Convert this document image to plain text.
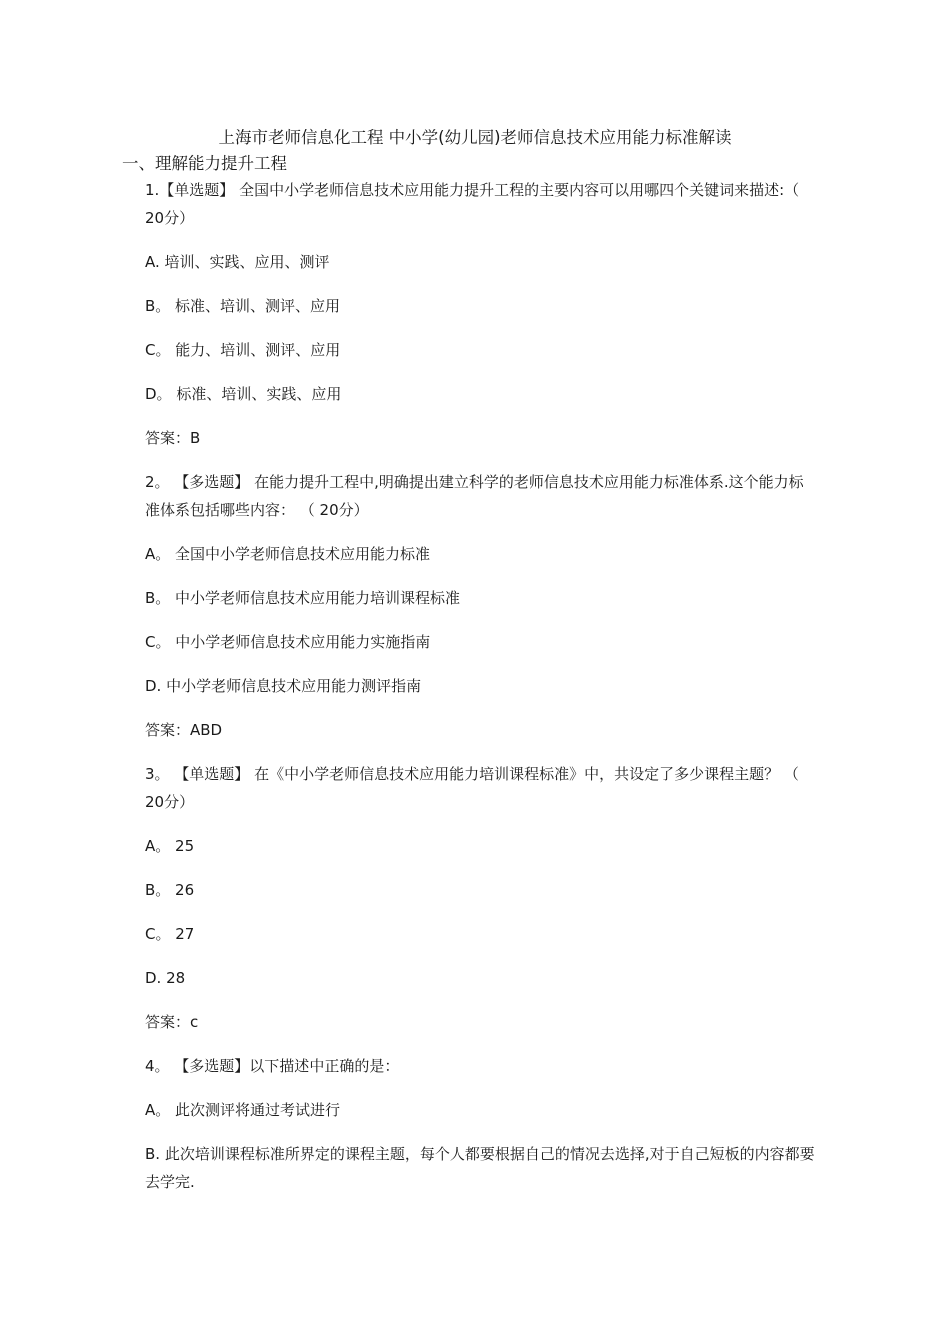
上海市老师信息化工程 中小学(幼儿园)老师信息技术应用能力标准解读
一、理解能力提升工程

1.【单选题】 全国中小学老师信息技术应用能力提升工程的主要内容可以用哪四个关键词来描述:（ 20分）

A. 培训、实践、应用、测评

B。 标准、培训、测评、应用

C。 能力、培训、测评、应用

D。 标准、培训、实践、应用

答案：B

2。 【多选题】 在能力提升工程中,明确提出建立科学的老师信息技术应用能力标准体系.这个能力标准体系包括哪些内容： （ 20分）

A。 全国中小学老师信息技术应用能力标准

B。 中小学老师信息技术应用能力培训课程标准

C。 中小学老师信息技术应用能力实施指南

D. 中小学老师信息技术应用能力测评指南

答案：ABD

3。 【单选题】 在《中小学老师信息技术应用能力培训课程标准》中，共设定了多少课程主题？ （ 20分）

A。 25

B。 26

C。 27

D. 28

答案：c

4。 【多选题】以下描述中正确的是：

A。 此次测评将通过考试进行

B. 此次培训课程标准所界定的课程主题，每个人都要根据自己的情况去选择,对于自己短板的内容都要去学完.
